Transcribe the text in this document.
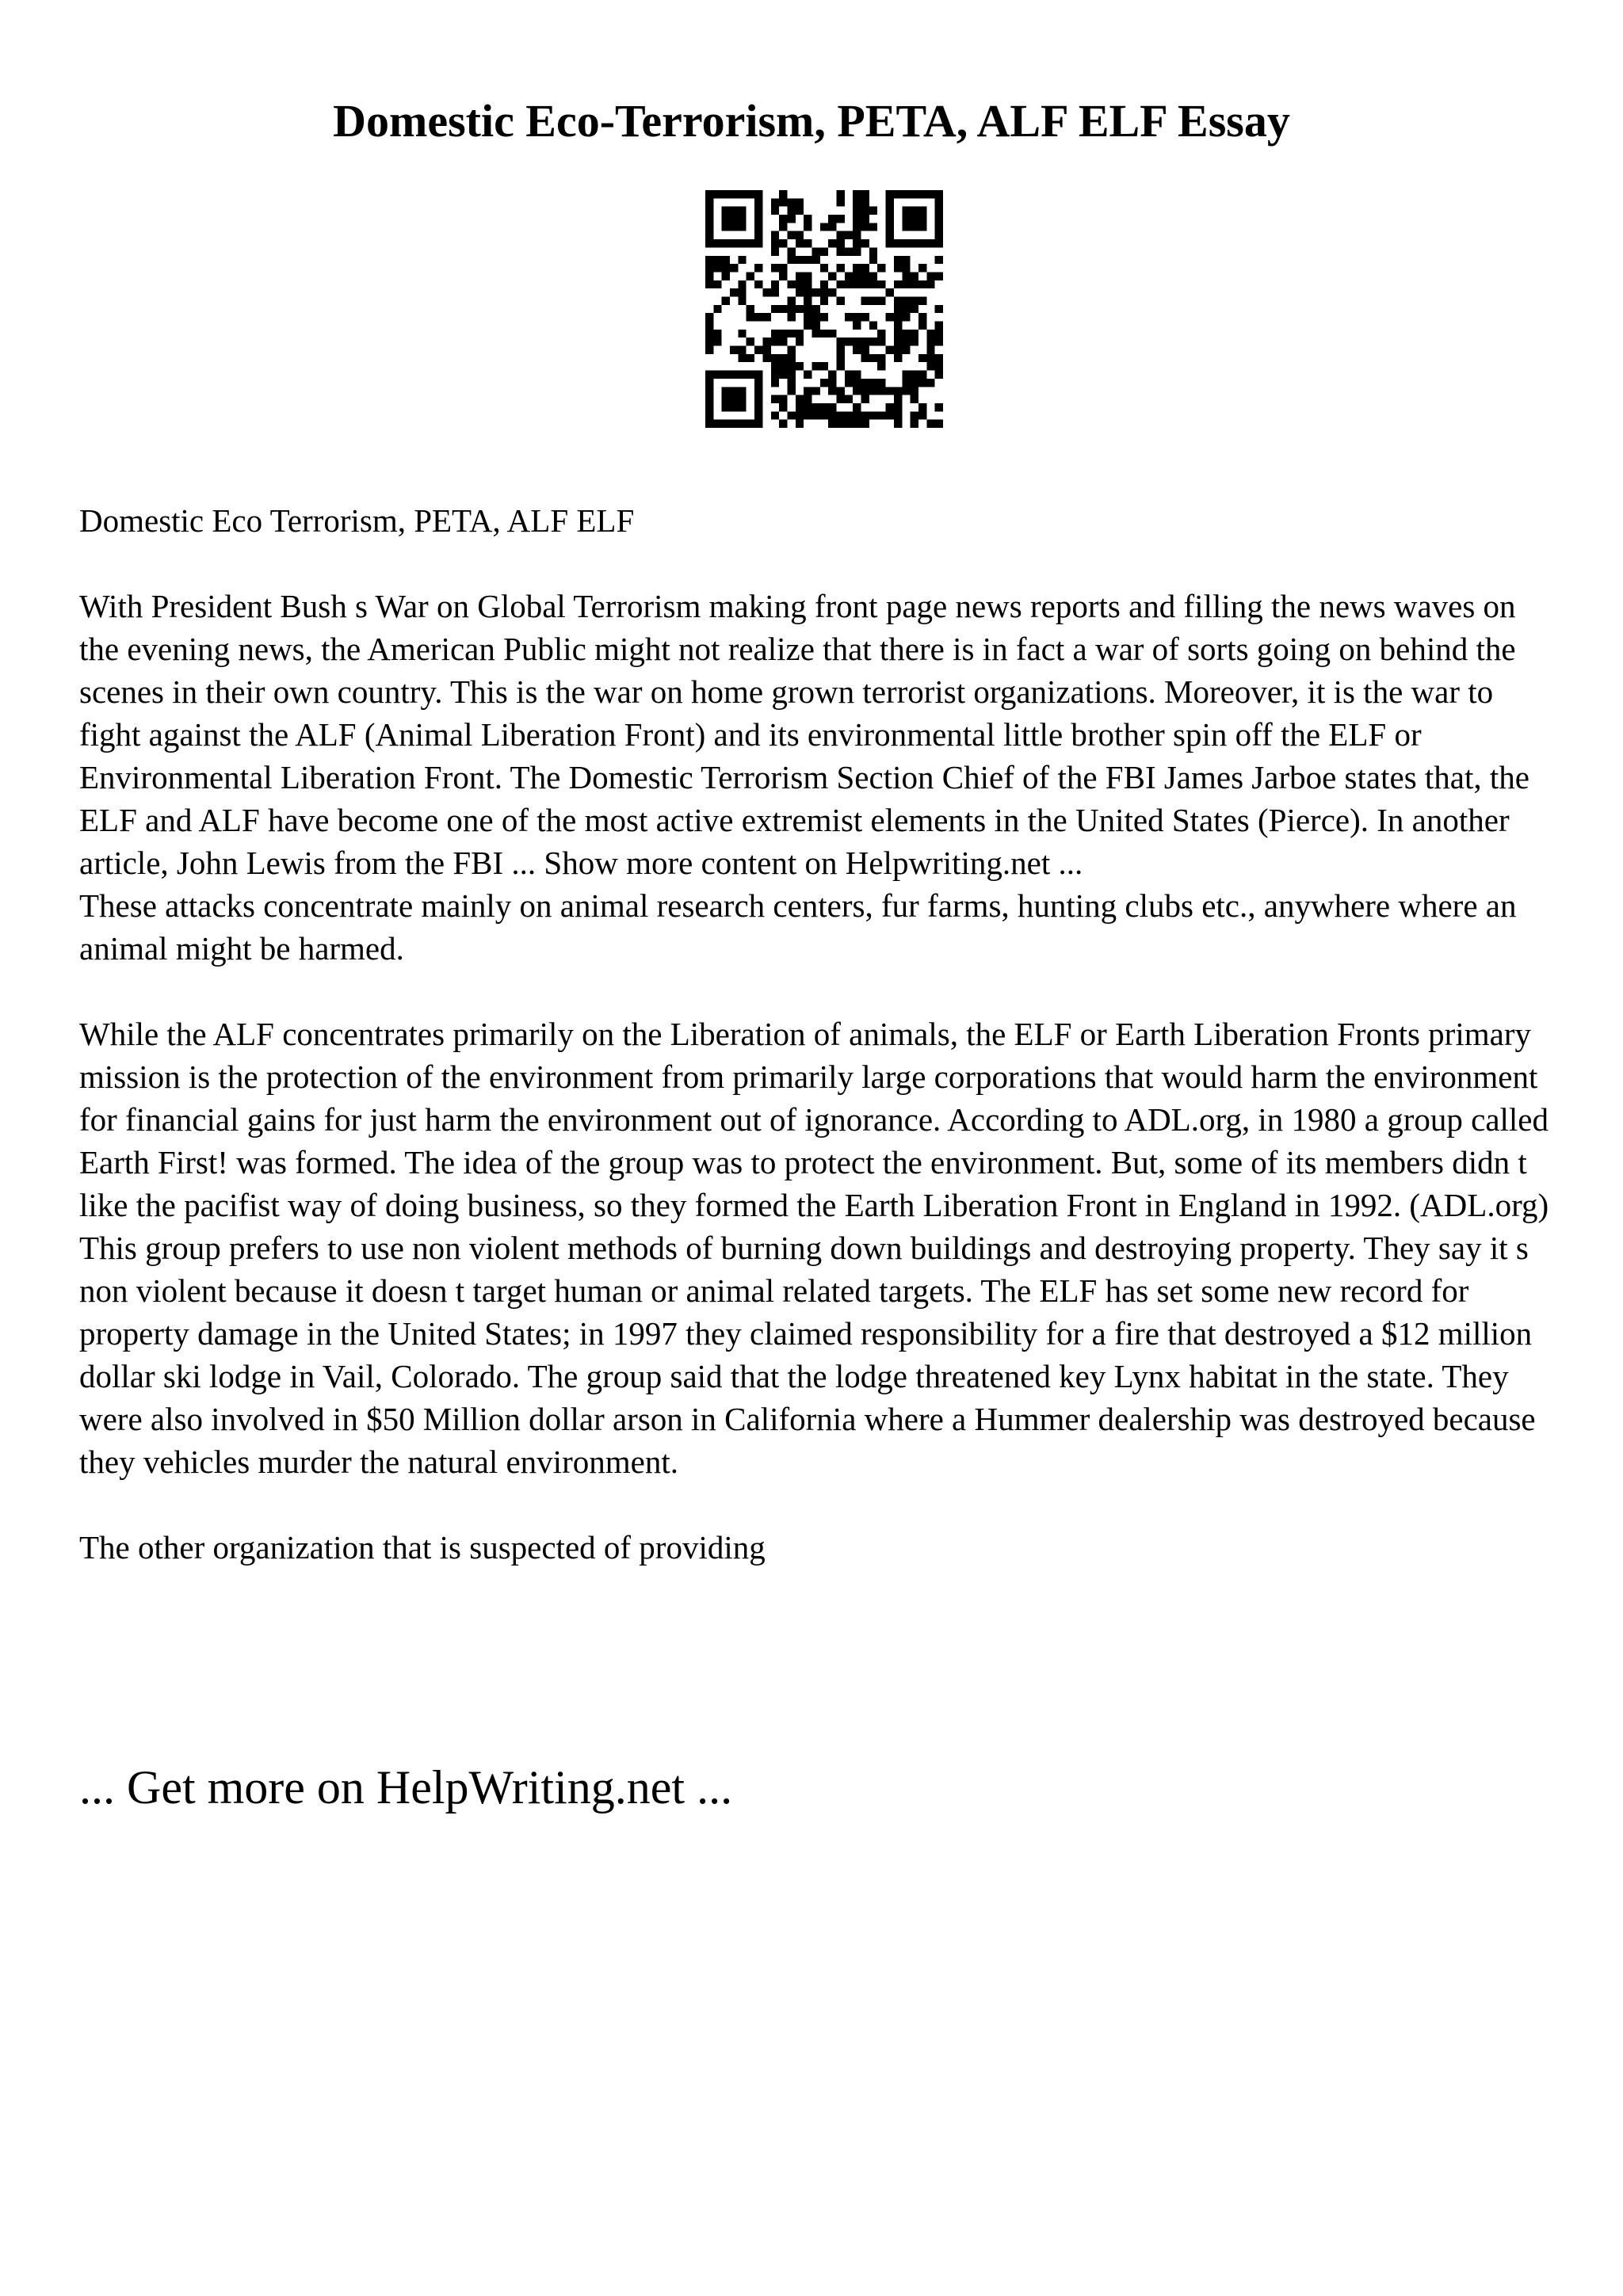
Domestic Eco-Terrorism, PETA, ALF ELF Essay

Domestic Eco Terrorism, PETA, ALF ELF

With President Bush s War on Global Terrorism making front page news reports and filling the news waves on the evening news, the American Public might not realize that there is in fact a war of sorts going on behind the scenes in their own country. This is the war on home grown terrorist organizations. Moreover, it is the war to fight against the ALF (Animal Liberation Front) and its environmental little brother spin off the ELF or Environmental Liberation Front. The Domestic Terrorism Section Chief of the FBI James Jarboe states that, the ELF and ALF have become one of the most active extremist elements in the United States (Pierce). In another article, John Lewis from the FBI ... Show more content on Helpwriting.net ...

These attacks concentrate mainly on animal research centers, fur farms, hunting clubs etc., anywhere where an animal might be harmed.

While the ALF concentrates primarily on the Liberation of animals, the ELF or Earth Liberation Fronts primary mission is the protection of the environment from primarily large corporations that would harm the environment for financial gains for just harm the environment out of ignorance. According to ADL.org, in 1980 a group called Earth First! was formed. The idea of the group was to protect the environment. But, some of its members didn t like the pacifist way of doing business, so they formed the Earth Liberation Front in England in 1992. (ADL.org) This group prefers to use non violent methods of burning down buildings and destroying property. They say it s non violent because it doesn t target human or animal related targets. The ELF has set some new record for property damage in the United States; in 1997 they claimed responsibility for a fire that destroyed a $12 million dollar ski lodge in Vail, Colorado. The group said that the lodge threatened key Lynx habitat in the state. They were also involved in $50 Million dollar arson in California where a Hummer dealership was destroyed because they vehicles murder the natural environment.

The other organization that is suspected of providing

... Get more on HelpWriting.net ...
